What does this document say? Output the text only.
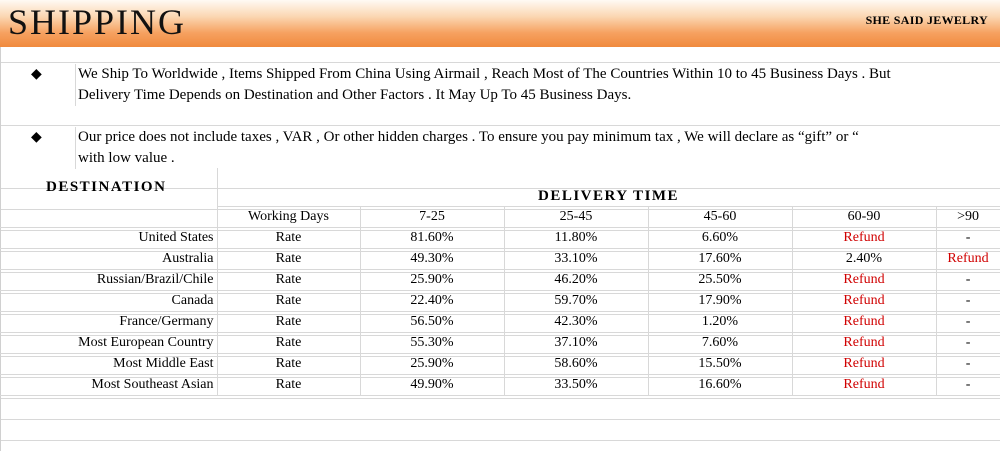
SHIPPING	SHE SAID JEWELRY
◆	We Ship To Worldwide , Items Shipped From China Using Airmail , Reach Most of The Countries Within 10 to 45 Business Days . But
Delivery Time Depends on Destination and Other Factors . It May Up To 45 Business Days.
◆	Our price does not include taxes , VAR , Or other hidden charges . To ensure you pay minimum tax , We will declare as “gift” or “
with low value .
DESTINATION	DELIVERY TIME					
	Working Days	7-25	25-45	45-60	60-90	>90
United States	Rate	81.60%	11.80%	6.60%	Refund	-
Australia	Rate	49.30%	33.10%	17.60%	2.40%	Refund
Russian/Brazil/Chile	Rate	25.90%	46.20%	25.50%	Refund	-
Canada	Rate	22.40%	59.70%	17.90%	Refund	-
France/Germany	Rate	56.50%	42.30%	1.20%	Refund	-
Most European Country	Rate	55.30%	37.10%	7.60%	Refund	-
Most Middle East	Rate	25.90%	58.60%	15.50%	Refund	-
Most Southeast Asian	Rate	49.90%	33.50%	16.60%	Refund	-
